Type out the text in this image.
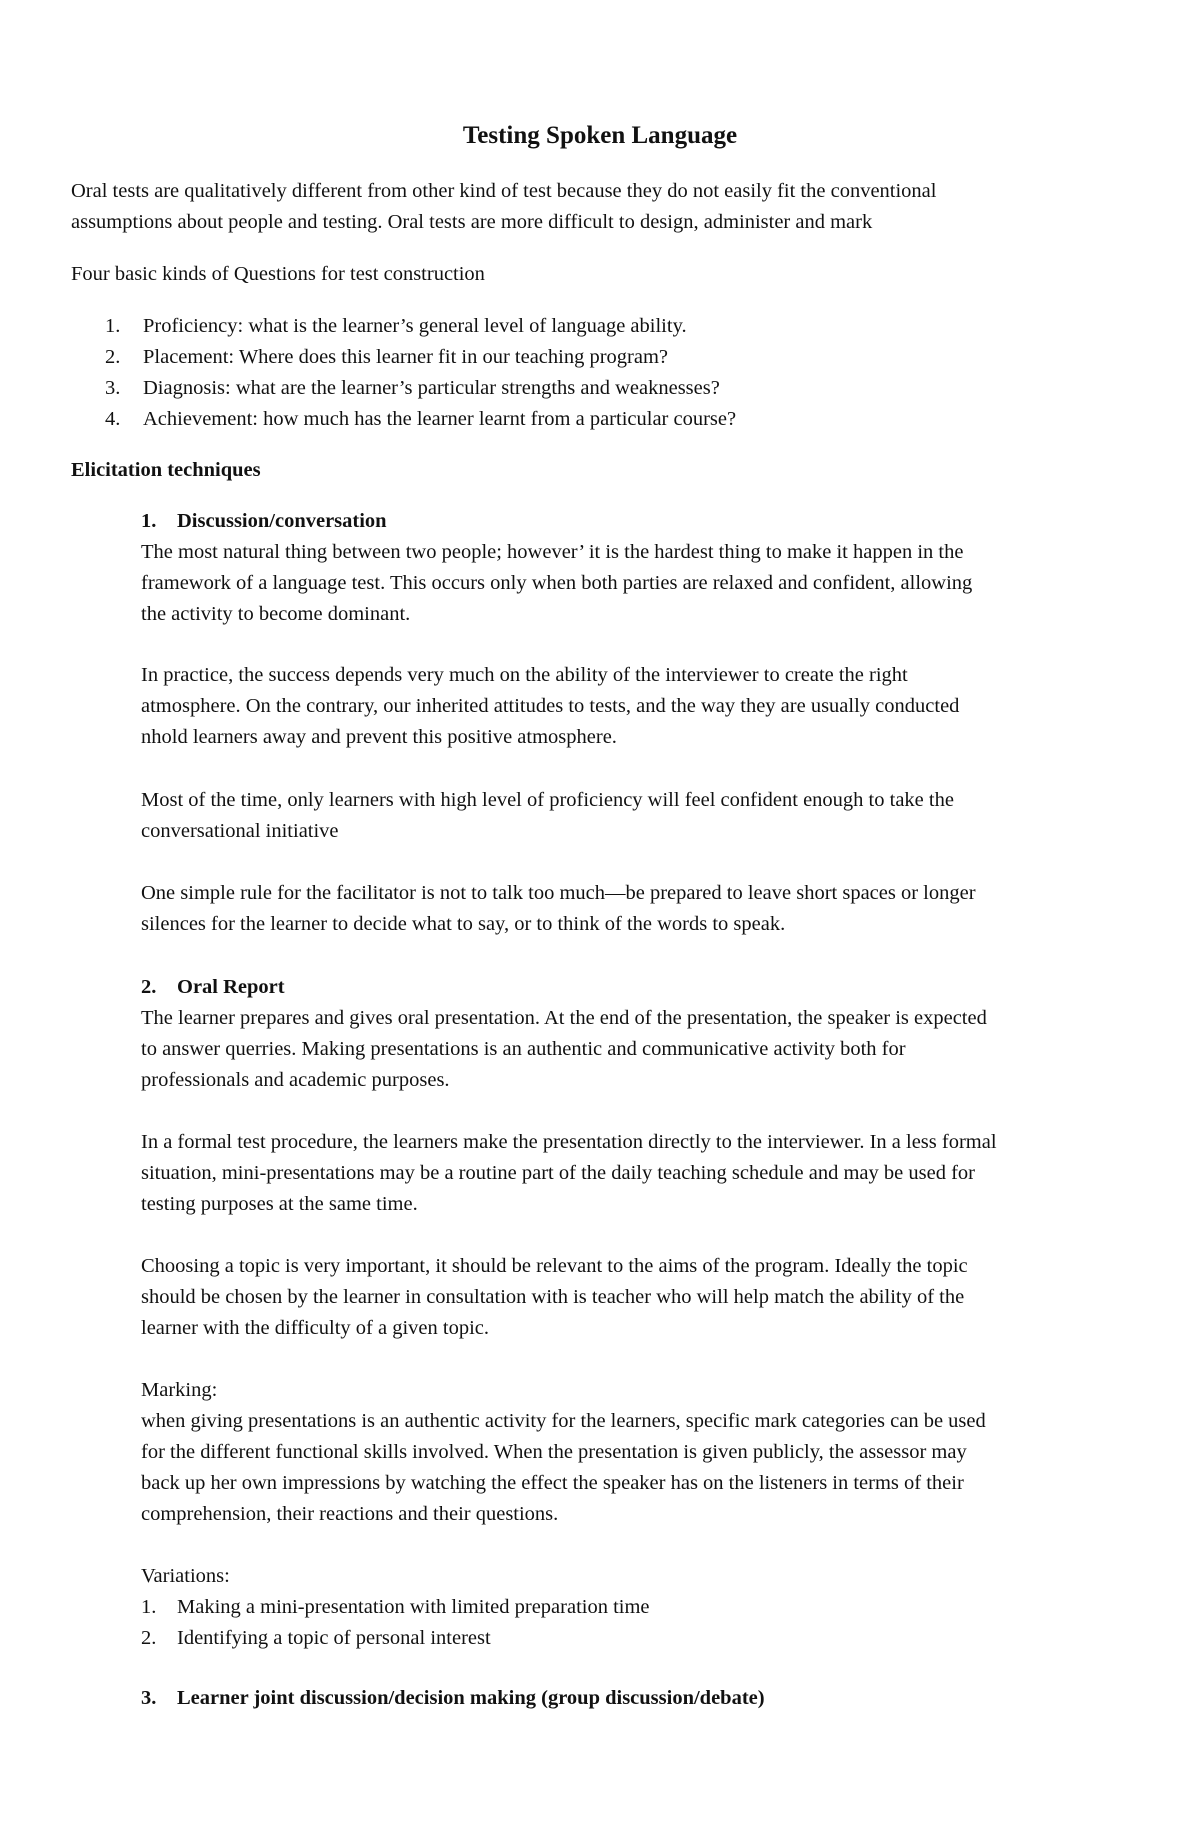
Testing Spoken Language
Oral tests are qualitatively different from other kind of test because they do not easily fit the conventional
assumptions about people and testing. Oral tests are more difficult to design, administer and mark
Four basic kinds of Questions for test construction
1. Proficiency: what is the learner’s general level of language ability.
2. Placement: Where does this learner fit in our teaching program?
3. Diagnosis: what are the learner’s particular strengths and weaknesses?
4. Achievement: how much has the learner learnt from a particular course?
Elicitation techniques
1. Discussion/conversation
The most natural thing between two people; however’ it is the hardest thing to make it happen in the
framework of a language test. This occurs only when both parties are relaxed and confident, allowing
the activity to become dominant.
In practice, the success depends very much on the ability of the interviewer to create the right
atmosphere. On the contrary, our inherited attitudes to tests, and the way they are usually conducted
nhold learners away and prevent this positive atmosphere.
Most of the time, only learners with high level of proficiency will feel confident enough to take the
conversational initiative
One simple rule for the facilitator is not to talk too much—be prepared to leave short spaces or longer
silences for the learner to decide what to say, or to think of the words to speak.
2. Oral Report
The learner prepares and gives oral presentation. At the end of the presentation, the speaker is expected
to answer querries. Making presentations is an authentic and communicative activity both for
professionals and academic purposes.
In a formal test procedure, the learners make the presentation directly to the interviewer. In a less formal
situation, mini-presentations may be a routine part of the daily teaching schedule and may be used for
testing purposes at the same time.
Choosing a topic is very important, it should be relevant to the aims of the program. Ideally the topic
should be chosen by the learner in consultation with is teacher who will help match the ability of the
learner with the difficulty of a given topic.
Marking:
when giving presentations is an authentic activity for the learners, specific mark categories can be used
for the different functional skills involved. When the presentation is given publicly, the assessor may
back up her own impressions by watching the effect the speaker has on the listeners in terms of their
comprehension, their reactions and their questions.
Variations:
1. Making a mini-presentation with limited preparation time
2. Identifying a topic of personal interest
3. Learner joint discussion/decision making (group discussion/debate)
